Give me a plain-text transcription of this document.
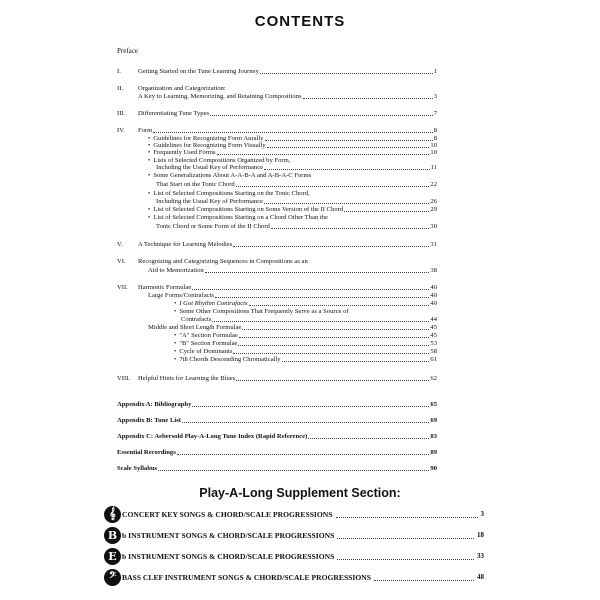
CONTENTS
Preface
I.	Getting Started on the Tune Learning Journey	1
II.	Organization and Categorization:
A Key to Learning, Memorizing, and Retaining Compositions	3
III.	Differentiating Tune Types	7
IV.	Form	8
• Guidelines for Recognizing Form Aurally	8
• Guidelines for Recognizing Form Visually	10
• Frequently Used Forms	10
• Lists of Selected Compositions Organized by Form,
Including the Usual Key of Performance	11
• Some Generalizations About A-A-B-A and A-B-A-C Forms
That Start on the Tonic Chord	22
• List of Selected Compositions Starting on the Tonic Chord,
Including the Usual Key of Performance	26
• List of Selected Compositions Starting on Some Version of the II Chord	29
• List of Selected Compositions Starting on a Chord Other Than the
Tonic Chord or Some Form of the II Chord	30
V.	A Technique for Learning Melodies	31
VI.	Recognizing and Categorizing Sequences in Compositions as an
Aid to Memorization	38
VII.	Harmonic Formulae	40
Large Forms/Contrafacts	40
• I Got Rhythm Contrafacts	40
• Some Other Compositions That Frequently Serve as a Source of
Contrafacts	44
Middle and Short Length Formulae	45
• "A" Section Formulae	45
• "B" Section Formulae	53
• Cycle of Dominants	58
• 7th Chords Descending Chromatically	61
VIII.	Helpful Hints for Learning the Blues	62
Appendix A: Bibliography	65
Appendix B: Tune List	69
Appendix C: Aebersold Play-A-Long Tune Index (Rapid Reference)	83
Essential Recordings	89
Scale Syllabus	90
Play-A-Long Supplement Section:
𝄞 CONCERT KEY SONGS & CHORD/SCALE PROGRESSIONS	3
B b INSTRUMENT SONGS & CHORD/SCALE PROGRESSIONS	18
E b INSTRUMENT SONGS & CHORD/SCALE PROGRESSIONS	33
𝄢 BASS CLEF INSTRUMENT SONGS & CHORD/SCALE PROGRESSIONS	48
